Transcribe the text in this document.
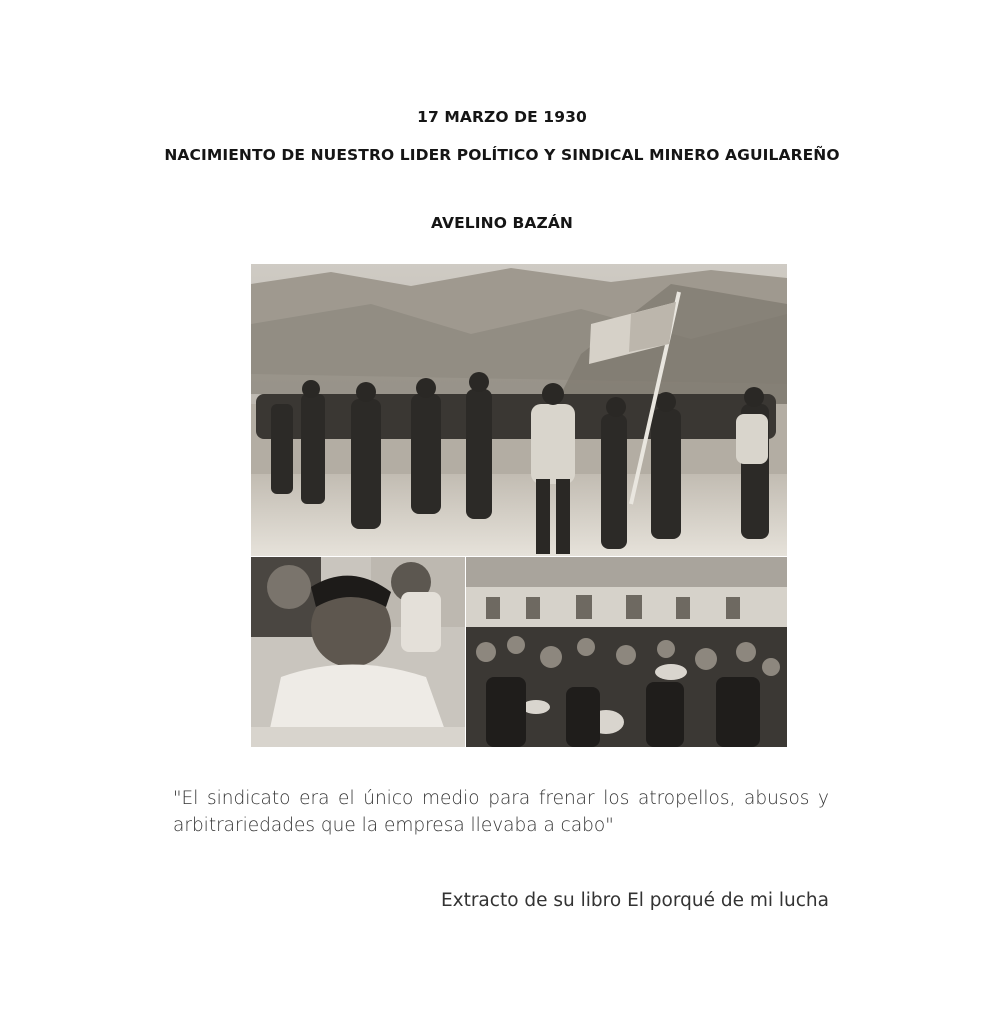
17 MARZO DE 1930
NACIMIENTO DE NUESTRO LIDER POLÍTICO Y SINDICAL MINERO AGUILAREÑO
AVELINO BAZÁN
"El sindicato era el único medio para frenar los atropellos, abusos y arbitrariedades que la empresa llevaba a cabo"
Extracto de su libro El porqué de mi lucha
